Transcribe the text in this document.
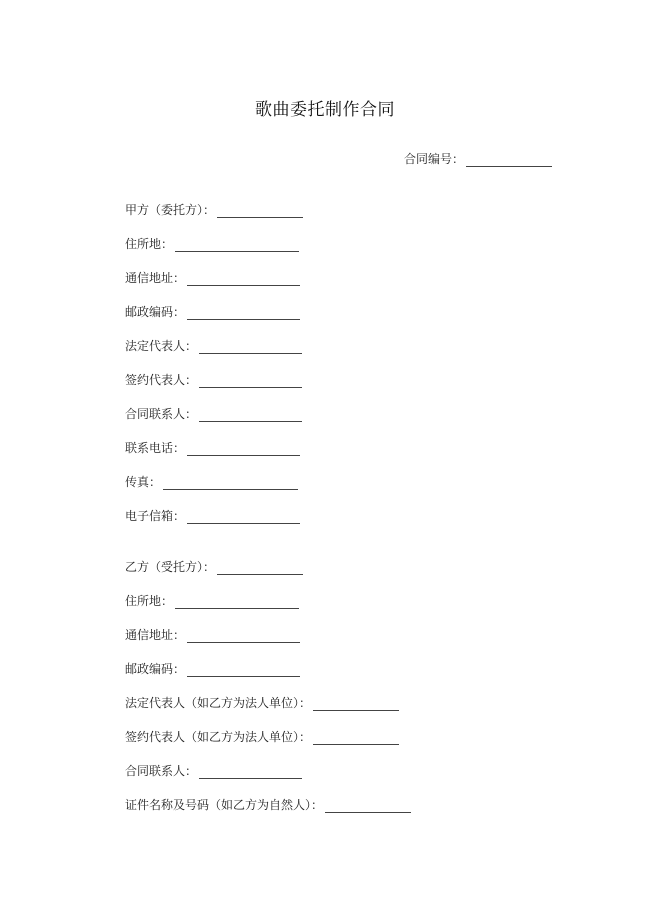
歌曲委托制作合同
合同编号：
甲方（委托方）：
住所地：
通信地址：
邮政编码：
法定代表人：
签约代表人：
合同联系人：
联系电话：
传真：
电子信箱：
乙方（受托方）：
住所地：
通信地址：
邮政编码：
法定代表人（如乙方为法人单位）：
签约代表人（如乙方为法人单位）：
合同联系人：
证件名称及号码（如乙方为自然人）：
